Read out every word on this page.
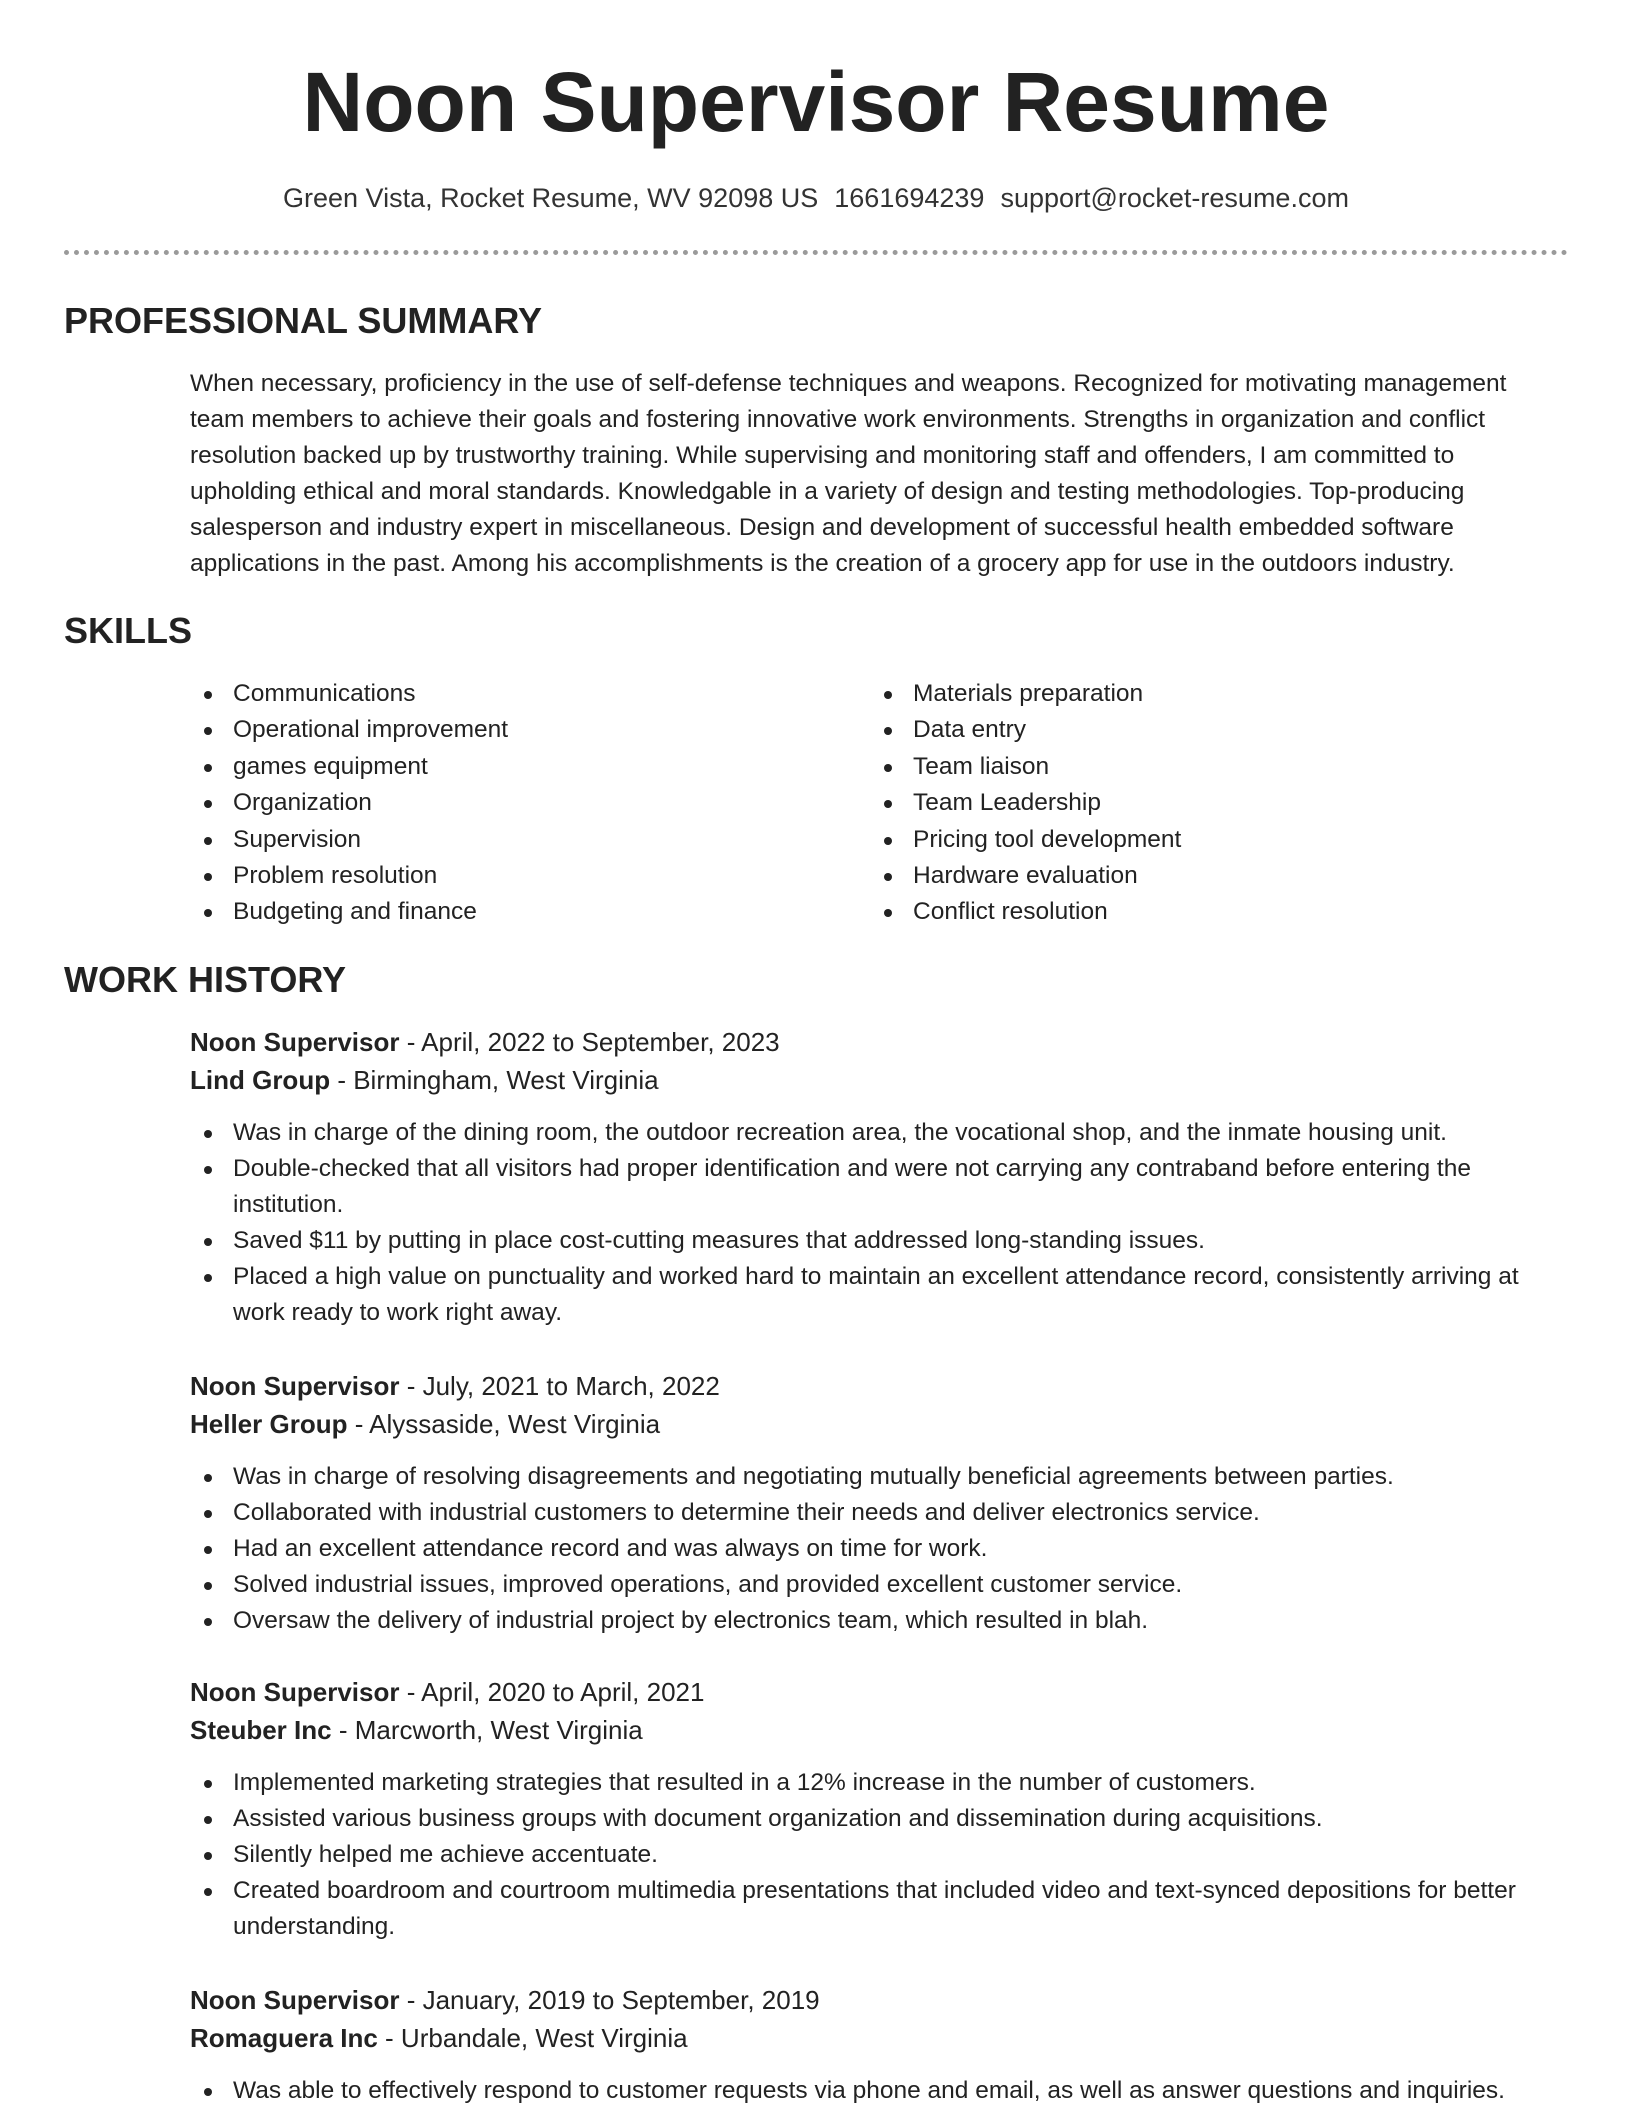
Noon Supervisor Resume
Green Vista, Rocket Resume, WV 92098 US 1661694239 support@rocket-resume.com
PROFESSIONAL SUMMARY
When necessary, proficiency in the use of self-defense techniques and weapons. Recognized for motivating management
team members to achieve their goals and fostering innovative work environments. Strengths in organization and conflict
resolution backed up by trustworthy training. While supervising and monitoring staff and offenders, I am committed to
upholding ethical and moral standards. Knowledgable in a variety of design and testing methodologies. Top-producing
salesperson and industry expert in miscellaneous. Design and development of successful health embedded software
applications in the past. Among his accomplishments is the creation of a grocery app for use in the outdoors industry.
SKILLS
Communications
Operational improvement
games equipment
Organization
Supervision
Problem resolution
Budgeting and finance
Materials preparation
Data entry
Team liaison
Team Leadership
Pricing tool development
Hardware evaluation
Conflict resolution
WORK HISTORY
Noon Supervisor - April, 2022 to September, 2023
Lind Group - Birmingham, West Virginia
Was in charge of the dining room, the outdoor recreation area, the vocational shop, and the inmate housing unit.
Double-checked that all visitors had proper identification and were not carrying any contraband before entering the
institution.
Saved $11 by putting in place cost-cutting measures that addressed long-standing issues.
Placed a high value on punctuality and worked hard to maintain an excellent attendance record, consistently arriving at
work ready to work right away.
Noon Supervisor - July, 2021 to March, 2022
Heller Group - Alyssaside, West Virginia
Was in charge of resolving disagreements and negotiating mutually beneficial agreements between parties.
Collaborated with industrial customers to determine their needs and deliver electronics service.
Had an excellent attendance record and was always on time for work.
Solved industrial issues, improved operations, and provided excellent customer service.
Oversaw the delivery of industrial project by electronics team, which resulted in blah.
Noon Supervisor - April, 2020 to April, 2021
Steuber Inc - Marcworth, West Virginia
Implemented marketing strategies that resulted in a 12% increase in the number of customers.
Assisted various business groups with document organization and dissemination during acquisitions.
Silently helped me achieve accentuate.
Created boardroom and courtroom multimedia presentations that included video and text-synced depositions for better
understanding.
Noon Supervisor - January, 2019 to September, 2019
Romaguera Inc - Urbandale, West Virginia
Was able to effectively respond to customer requests via phone and email, as well as answer questions and inquiries.
